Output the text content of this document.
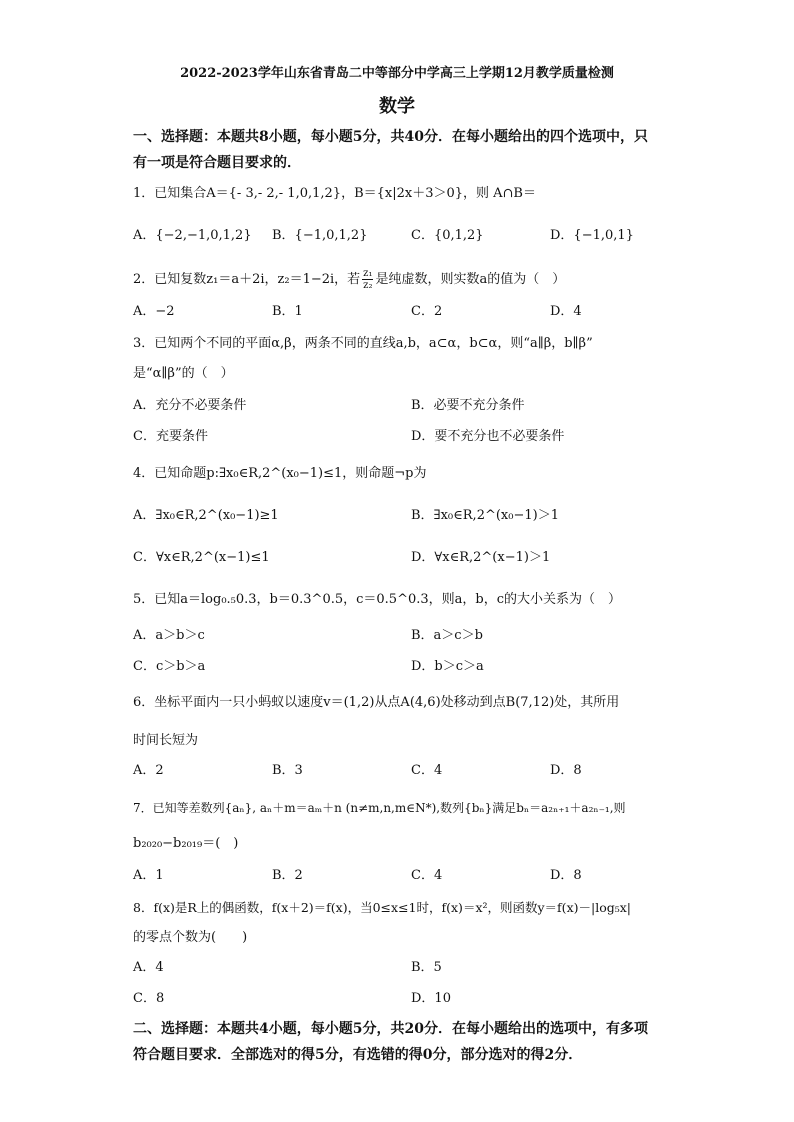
2022-2023学年山东省青岛二中等部分中学高三上学期12月教学质量检测
数学
一、选择题：本题共8小题，每小题5分，共40分．在每小题给出的四个选项中，只
有一项是符合题目要求的．
1．已知集合A＝{- 3,- 2,- 1,0,1,2}，B＝{x|2x＋3＞0}，则 A∩B＝
A．{−2,−1,0,1,2} B．{−1,0,1,2}	C．{0,1,2}	D．{−1,0,1}
2．已知复数z₁＝a＋2i，z₂＝1−2i，若 $\frac{\text{z₁}}{\text{z₂}}$ 是纯虚数，则实数a的值为（　）
A．−2	B．1	C．2	D．4
3．已知两个不同的平面α,β，两条不同的直线a,b，a⊂α，b⊂α，则“a∥β，b∥β”
是“α∥β”的（　）
A．充分不必要条件	B．必要不充分条件
C．充要条件	D．要不充分也不必要条件
4．已知命题p:∃x₀∈R,2^(x₀−1)≤1，则命题¬p为
A．∃x₀∈R,2^(x₀−1)≥1	B．∃x₀∈R,2^(x₀−1)＞1
C．∀x∈R,2^(x−1)≤1	D．∀x∈R,2^(x−1)＞1
5．已知a＝log₀.₅0.3，b＝0.3^0.5，c＝0.5^0.3，则a，b，c的大小关系为（　）
A．a＞b＞c	B．a＞c＞b
C．c＞b＞a	D．b＞c＞a
6．坐标平面内一只小蚂蚁以速度v＝(1,2)从点A(4,6)处移动到点B(7,12)处，其所用
时间长短为
A．2	B．3	C．4	D．8
7．已知等差数列{aₙ}, aₙ＋m＝aₘ＋n (n≠m,n,m∈N*),数列{bₙ}满足bₙ＝a₂ₙ₊₁＋a₂ₙ₋₁,则
b₂₀₂₀−b₂₀₁₉＝(　)
A．1	B．2	C．4	D．8
8．f(x)是R上的偶函数，f(x＋2)＝f(x)，当0≤x≤1时，f(x)＝x²，则函数y＝f(x)－|log₅x|
的零点个数为(　　)
A．4	B．5
C．8	D．10
二、选择题：本题共4小题，每小题5分，共20分．在每小题给出的选项中，有多项
符合题目要求．全部选对的得5分，有选错的得0分，部分选对的得2分．
